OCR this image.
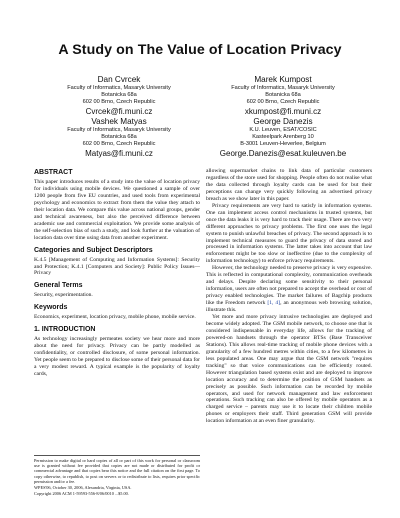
A Study on The Value of Location Privacy
Dan Cvrcek
Faculty of Informatics, Masaryk University
Botanicka 68a
602 00 Brno, Czech Republic
Cvrcek@fi.muni.cz
Marek Kumpost
Faculty of Informatics, Masaryk University
Botanicka 68a
602 00 Brno, Czech Republic
xkumpost@fi.muni.cz
Vashek Matyas
Faculty of Informatics, Masaryk University
Botanicka 68a
602 00 Brno, Czech Republic
Matyas@fi.muni.cz
George Danezis
K.U. Leuven, ESAT/COSIC
Kasteelpark Arenberg 10
B-3001 Leuven-Heverlee, Belgium
George.Danezis@esat.kuleuven.be
ABSTRACT

This paper introduces results of a study into the value of location privacy for individuals using mobile devices. We questioned a sample of over 1200 people from five EU countries, and used tools from experimental psychology and economics to extract from them the value they attach to their location data. We compare this value across national groups, gender and technical awareness, but also the perceived difference between academic use and commercial exploitation. We provide some analysis of the self-selection bias of such a study, and look further at the valuation of location data over time using data from another experiment.

Categories and Subject Descriptors

K.4.5 [Management of Computing and Information Systems]: Security and Protection; K.4.1 [Computers and Society]: Public Policy Issues—Privacy

General Terms

Security, experimentation.

Keywords

Economics, experiment, location privacy, mobile phone, mobile service.

1. INTRODUCTION

As technology increasingly permeates society we hear more and more about the need for privacy. Privacy can be partly modelled as confidentiality, or controlled disclosure, of some personal information. Yet people seem to be prepared to disclose some of their personal data for a very modest reward. A typical example is the popularity of loyalty cards,

Permission to make digital or hard copies of all or part of this work for personal or classroom use is granted without fee provided that copies are not made or distributed for profit or commercial advantage and that copies bear this notice and the full citation on the first page. To copy otherwise, to republish, to post on servers or to redistribute to lists, requires prior specific permission and/or a fee.

WPES'06, October 30, 2006, Alexandria, Virginia, USA.

Copyright 2006 ACM 1-59593-556-8/06/0010 ...$5.00.

allowing supermarket chains to link data of particular customers regardless of the store used for shopping. People often do not realise what the data collected through loyalty cards can be used for but their perceptions can change very quickly following an advertised privacy breach as we show later in this paper.

Privacy requirements are very hard to satisfy in information systems. One can implement access control mechanisms in trusted systems, but once the data leaks it is very hard to track their usage. There are two very different approaches to privacy problems. The first one uses the legal system to punish unlawful breaches of privacy. The second approach is to implement technical measures to guard the privacy of data stored and processed in information systems. The latter takes into account that law enforcement might be too slow or ineffective (due to the complexity of information technology) to enforce privacy requirements.

However, the technology needed to preserve privacy is very expensive. This is reflected in computational complexity, communication overheads and delays. Despite declaring some sensitivity to their personal information, users are often not prepared to accept the overhead or cost of privacy enabled technologies. The market failures of Bagchip products like the Freedom network [1, 4], an anonymous web browsing solution, illustrate this.

Yet more and more privacy intrusive technologies are deployed and become widely adopted. The GSM mobile network, to choose one that is considered indispensable in everyday life, allows for the tracking of powered-on handsets through the operator BTSs (Base Transceiver Stations). This allows real-time tracking of mobile phone devices with a granularity of a few hundred metres within cities, to a few kilometres in less populated areas. One may argue that the GSM network "requires tracking" so that voice communications can be efficiently routed. However triangulation based systems exist and are deployed to improve location accuracy and to determine the position of GSM handsets as precisely as possible. Such information can be recorded by mobile operators, and used for network management and law enforcement operations. Such tracking can also be offered by mobile operators as a charged service – parents may use it to locate their children mobile phones or employers their staff. Third generation GSM will provide location information at an even finer granularity.
